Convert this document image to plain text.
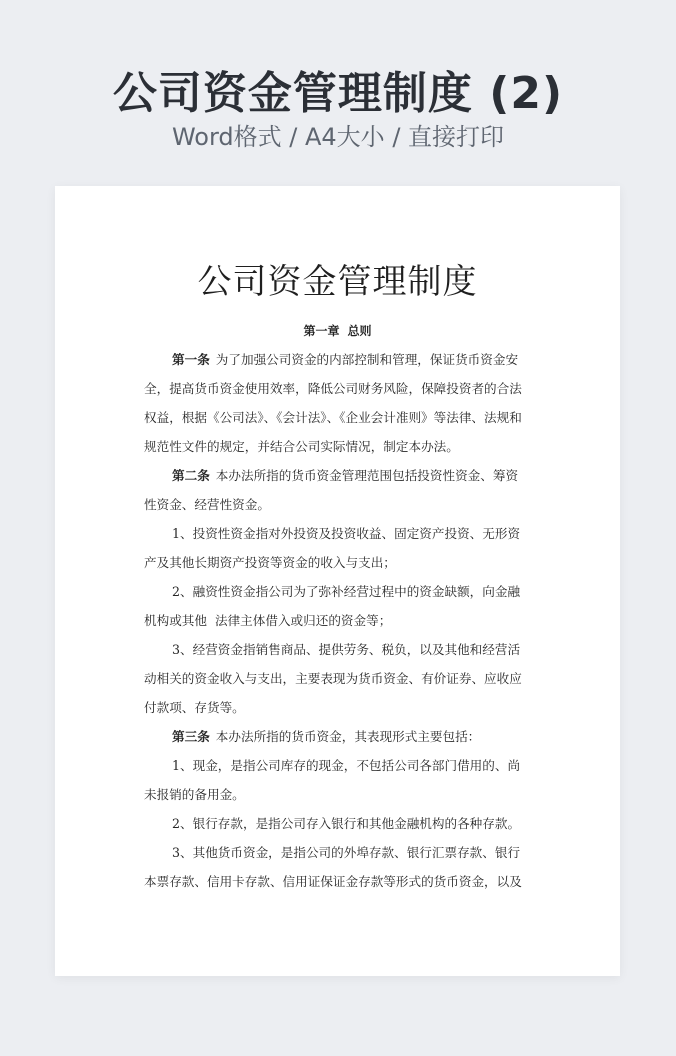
公司资金管理制度 (2)
Word格式 / A4大小 / 直接打印
公司资金管理制度
第一章 总则
第一条 为了加强公司资金的内部控制和管理，保证货币资金安
全，提高货币资金使用效率，降低公司财务风险，保障投资者的合法
权益，根据《公司法》、《会计法》、《企业会计准则》等法律、法规和
规范性文件的规定，并结合公司实际情况，制定本办法。
第二条 本办法所指的货币资金管理范围包括投资性资金、筹资
性资金、经营性资金。
1、投资性资金指对外投资及投资收益、固定资产投资、无形资
产及其他长期资产投资等资金的收入与支出；
2、融资性资金指公司为了弥补经营过程中的资金缺额，向金融
机构或其他  法律主体借入或归还的资金等；
3、经营资金指销售商品、提供劳务、税负，以及其他和经营活
动相关的资金收入与支出，主要表现为货币资金、有价证券、应收应
付款项、存货等。
第三条 本办法所指的货币资金，其表现形式主要包括：
1、现金，是指公司库存的现金，不包括公司各部门借用的、尚
未报销的备用金。
2、银行存款，是指公司存入银行和其他金融机构的各种存款。
3、其他货币资金，是指公司的外埠存款、银行汇票存款、银行
本票存款、信用卡存款、信用证保证金存款等形式的货币资金，以及
